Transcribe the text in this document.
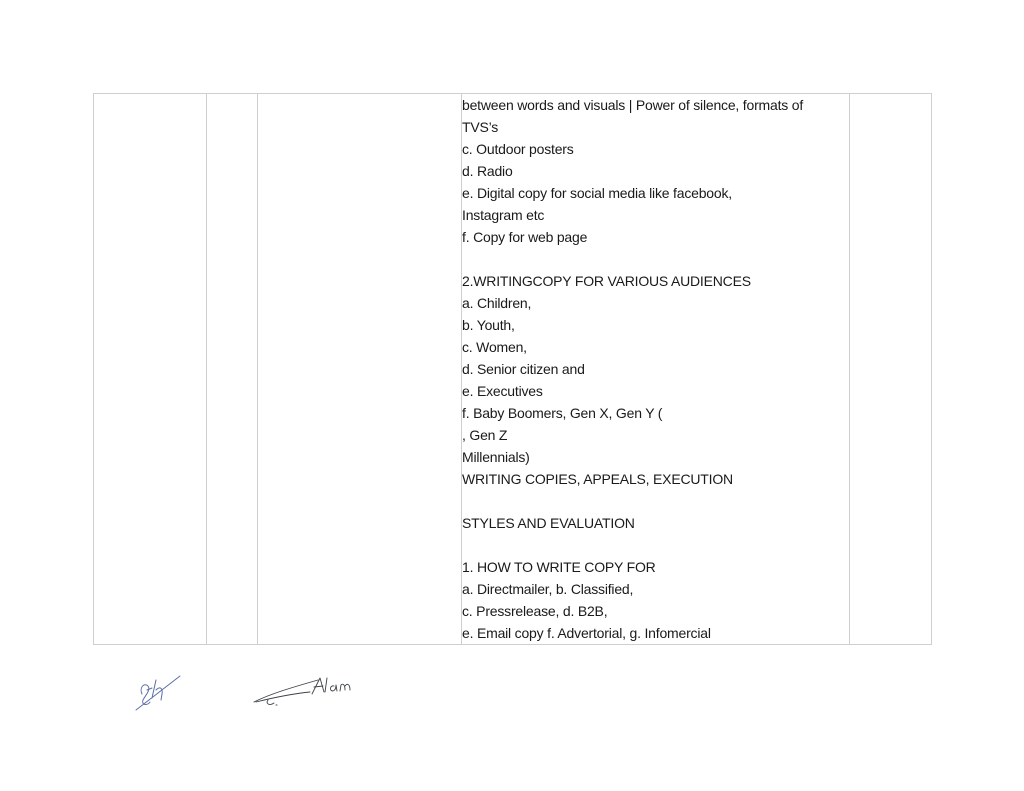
between words and visuals | Power of silence, formats of
TVS’s
c. Outdoor posters
d. Radio
e. Digital copy for social media like facebook,
Instagram etc
f. Copy for web page
2.WRITINGCOPY FOR VARIOUS AUDIENCES
a. Children,
b. Youth,
c. Women,
d. Senior citizen and
e. Executives
f. Baby Boomers, Gen X, Gen Y (
, Gen Z
Millennials)
WRITING COPIES, APPEALS, EXECUTION
STYLES AND EVALUATION
1. HOW TO WRITE COPY FOR
a. Directmailer, b. Classified,
c. Pressrelease, d. B2B,
e. Email copy f. Advertorial, g. Infomercial
